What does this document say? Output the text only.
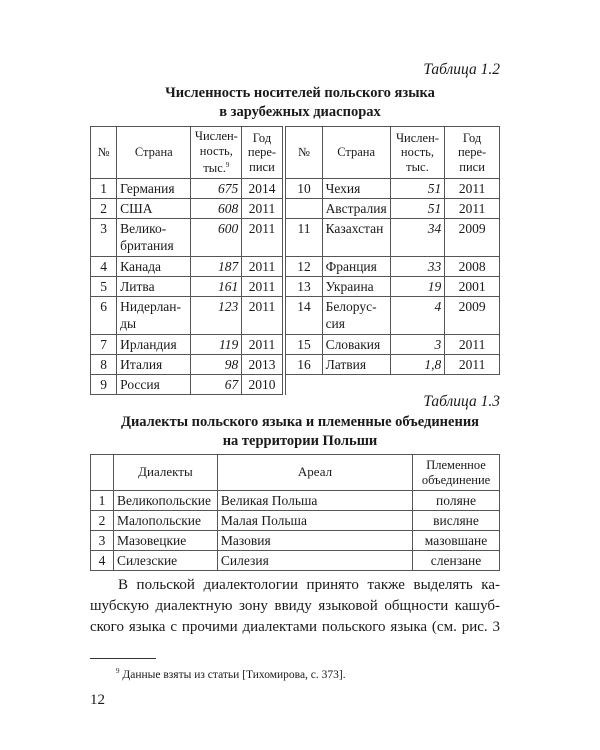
Таблица 1.2
Численность носителей польского языка
в зарубежных диаспорах
№	Страна	Числен-ность, тыс.$^9$	Год пере-писи		№	Страна	Числен-ность, тыс.	Год пере-писи
1	Германия	675	2014		10	Чехия	51	2011
2	США	608	2011			Австралия	51	2011
3	Велико-британия	600	2011		11	Казахстан	34	2009
4	Канада	187	2011		12	Франция	33	2008
5	Литва	161	2011		13	Украина	19	2001
6	Нидерлан-ды	123	2011		14	Белорус-сия	4	2009
7	Ирландия	119	2011		15	Словакия	3	2011
8	Италия	98	2013		16	Латвия	1,8	2011
9	Россия	67	2010					
Таблица 1.3
Диалекты польского языка и племенные объединения
на территории Польши
	Диалекты	Ареал	Племенное объединение
1	Великопольские	Великая Польша	поляне
2	Малопольские	Малая Польша	висляне
3	Мазовецкие	Мазовия	мазовшане
4	Силезские	Силезия	слензане
В польской диалектологии принято также выделять ка-
шубскую диалектную зону ввиду языковой общности кашуб-
ского языка с прочими диалектами польского языка (см. рис. 3
$^9$ Данные взяты из статьи [Тихомирова, с. 373].
12
